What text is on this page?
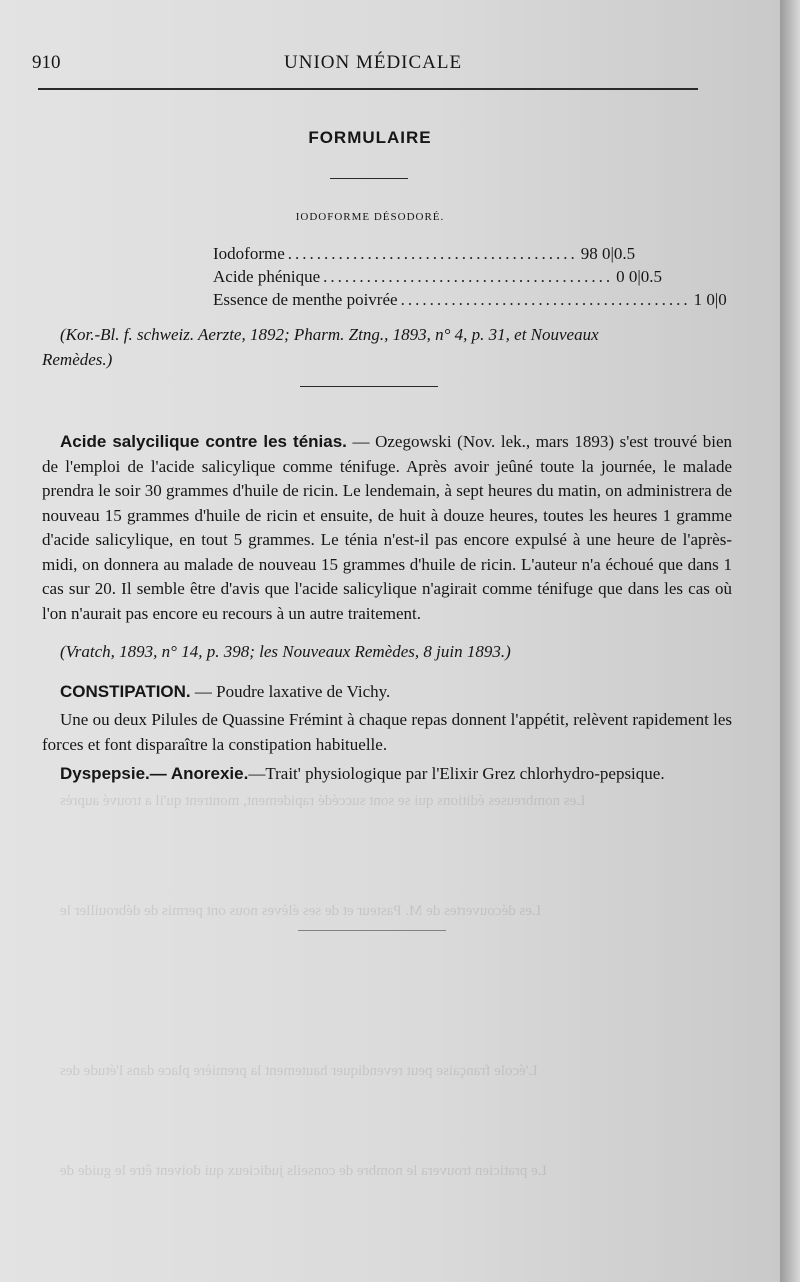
Les nombreuses éditions qui se sont succédé rapidement, montrent qu'il a trouvé auprès
Les découvertes de M. Pasteur et de ses élèves nous ont permis de débrouiller le
L'école française peut revendiquer hautement la première place dans l'étude des
Le praticien trouvera le nombre de conseils judicieux qui doivent être le guide de
910	UNION MÉDICALE
FORMULAIRE
IODOFORME DÉSODORÉ.
Iodoforme ........................................ 98 0|0.5
Acide phénique ........................................ 0 0|0.5
Essence de menthe poivrée ........................................ 1 0|0
(Kor.-Bl. f. schweiz. Aerzte, 1892; Pharm. Ztng., 1893, n° 4, p. 31, et Nouveaux
Remèdes.)
Acide salycilique contre les ténias. — Ozegowski (Nov. lek., mars 1893) s'est trouvé bien de l'emploi de l'acide salicylique comme ténifuge. Après avoir jeûné toute la journée, le malade prendra le soir 30 grammes d'huile de ricin. Le lendemain, à sept heures du matin, on administrera de nouveau 15 grammes d'huile de ricin et ensuite, de huit à douze heures, toutes les heures 1 gramme d'acide salicylique, en tout 5 grammes. Le ténia n'est-il pas encore expulsé à une heure de l'après-midi, on donnera au malade de nouveau 15 grammes d'huile de ricin. L'auteur n'a échoué que dans 1 cas sur 20. Il semble être d'avis que l'acide salicylique n'agirait comme ténifuge que dans les cas où l'on n'aurait pas encore eu recours à un autre traitement.
(Vratch, 1893, n° 14, p. 398; les Nouveaux Remèdes, 8 juin 1893.)
CONSTIPATION. — Poudre laxative de Vichy.
Une ou deux Pilules de Quassine Frémint à chaque repas donnent l'appétit, relèvent rapidement les forces et font disparaître la constipation habituelle.
Dyspepsie.— Anorexie.—Trait' physiologique par l'Elixir Grez chlorhydro-pepsique.
